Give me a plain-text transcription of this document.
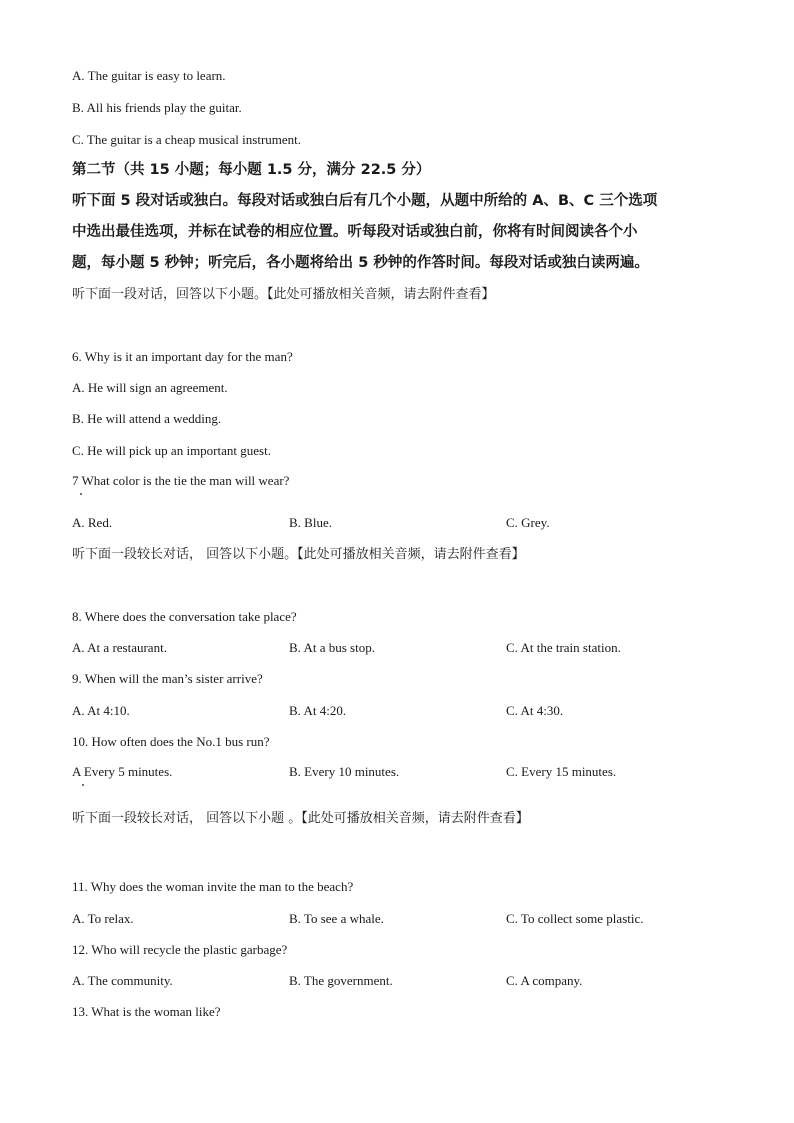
A. The guitar is easy to learn.
B. All his friends play the guitar.
C. The guitar is a cheap musical instrument.
第二节（共 15 小题；每小题 1.5 分，满分 22.5 分）
听下面 5 段对话或独白。每段对话或独白后有几个小题，从题中所给的 A、B、C 三个选项
中选出最佳选项，并标在试卷的相应位置。听每段对话或独白前，你将有时间阅读各个小
题，每小题 5 秒钟；听完后，各小题将给出 5 秒钟的作答时间。每段对话或独白读两遍。
听下面一段对话，回答以下小题。【此处可播放相关音频，请去附件查看】
6. Why is it an important day for the man?
A. He will sign an agreement.
B. He will attend a wedding.
C. He will pick up an important guest.
7 What color is the tie the man will wear?
A. Red.	B. Blue.	C. Grey.
听下面一段较长对话， 回答以下小题。【此处可播放相关音频，请去附件查看】
8. Where does the conversation take place?
A. At a restaurant.	B. At a bus stop.	C. At the train station.
9. When will the man’s sister arrive?
A. At 4:10.	B. At 4:20.	C. At 4:30.
10. How often does the No.1 bus run?
A Every 5 minutes.	B. Every 10 minutes.	C. Every 15 minutes.
听下面一段较长对话， 回答以下小题 。【此处可播放相关音频，请去附件查看】
11. Why does the woman invite the man to the beach?
A. To relax.	B. To see a whale.	C. To collect some plastic.
12. Who will recycle the plastic garbage?
A. The community.	B. The government.	C. A company.
13. What is the woman like?
